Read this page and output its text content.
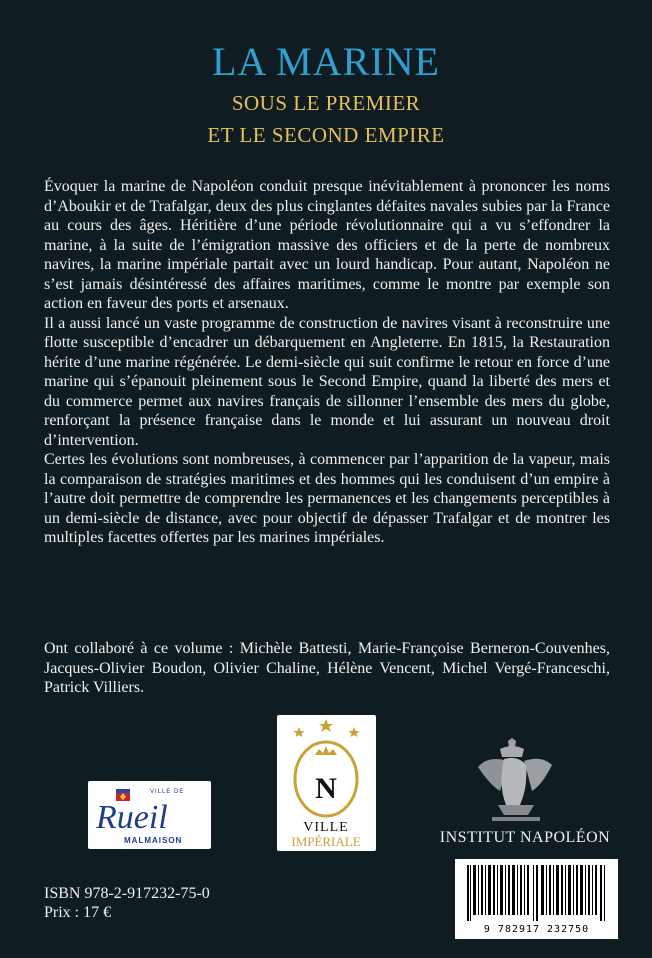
LA MARINE
SOUS LE PREMIER
ET LE SECOND EMPIRE

Évoquer la marine de Napoléon conduit presque inévitablement à prononcer les noms d’Aboukir et de Trafalgar, deux des plus cinglantes défaites navales subies par la France au cours des âges. Héritière d’une période révolutionnaire qui a vu s’effondrer la marine, à la suite de l’émigration massive des officiers et de la perte de nombreux navires, la marine impériale partait avec un lourd handicap. Pour autant, Napoléon ne s’est jamais désintéressé des affaires maritimes, comme le montre par exemple son action en faveur des ports et arsenaux.

Il a aussi lancé un vaste programme de construction de navires visant à reconstruire une flotte susceptible d’encadrer un débarquement en Angleterre. En 1815, la Restauration hérite d’une marine régénérée. Le demi-siècle qui suit confirme le retour en force d’une marine qui s’épanouit pleinement sous le Second Empire, quand la liberté des mers et du commerce permet aux navires français de sillonner l’ensemble des mers du globe, renforçant la présence française dans le monde et lui assurant un nouveau droit d’intervention.

Certes les évolutions sont nombreuses, à commencer par l’apparition de la vapeur, mais la comparaison de stratégies maritimes et des hommes qui les conduisent d’un empire à l’autre doit permettre de comprendre les permanences et les changements perceptibles à un demi-siècle de distance, avec pour objectif de dépasser Trafalgar et de montrer les multiples facettes offertes par les marines impériales.

Ont collaboré à ce volume : Michèle Battesti, Marie-Françoise Berneron-Couvenhes, Jacques-Olivier Boudon, Olivier Chaline, Hélène Vencent, Michel Vergé-Franceschi, Patrick Villiers.
VILLE DE
Rueil
MALMAISON
N
VILLE
IMPÉRIALE	INSTITUT NAPOLÉON
9 782917 232750
ISBN 978-2-917232-75-0
Prix : 17 €
